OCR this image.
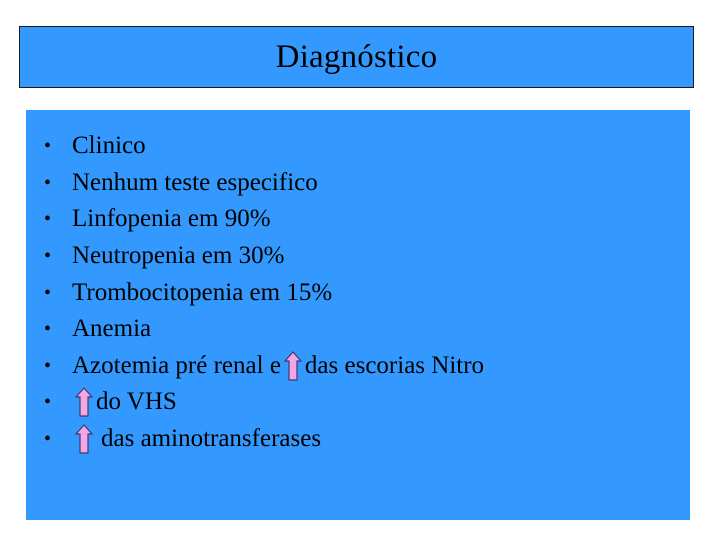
Diagnóstico
• Clinico
• Nenhum teste especifico
• Linfopenia em 90%
• Neutropenia em 30%
• Trombocitopenia em 15%
• Anemia
• Azotemia pré renal e das escorias Nitro
• do VHS
• das aminotransferases
